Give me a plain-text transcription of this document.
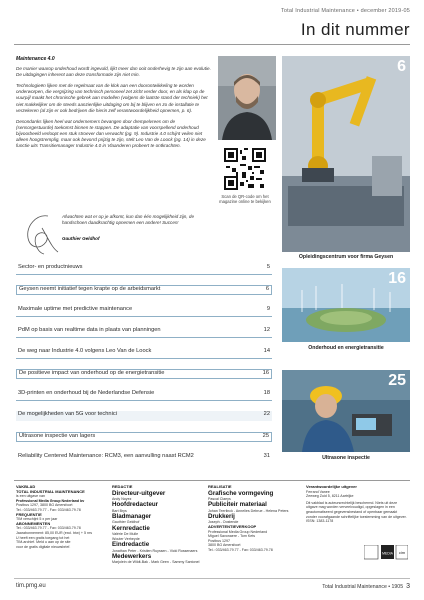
Total Industrial Maintenance • december 2019-05
In dit nummer
Maintenance 4.0

De manier waarop onderhoud wordt ingevuld, lijkt meer dan ooit onderhevig te zijn aan evolutie. De uitdagingen inherent aan deze transformatie zijn niet min.

Technologieën lijken met de regelmaat van de klok aan een doorontwikkeling te worden onderworpen, die vergrijzing van technisch personeel zet zicht verder door, en als klap op de vuurpijl maakt het chronische gebrek aan modellen (volgens de laatste stand der techniek) het niet makkelijker om de steeds aanzienlijke uitdaging om bij te blijven en zo de installatie te verzekeren (al zijn er ook bedrijven die hierin zelf verantwoordelijkheid opnemen, p. 6).

Desondanks lijken heel wat ondernemers bevangen door drempelvrees om de (sensorgestuurde) toekomst binnen te stappen. De adaptatie van voorspellend onderhoud bijvoorbeeld verloopt een stuk stroever dan verwacht (pg. 9). Industrie 4.0 schijnt veilen niet alleen hoogstremplig, maar ook bevorrd prijzig te zijn, stelt Leo Van de Loock (pg. 14) in deze functie uits Transitiemanager Industrie 4.0 in Vlaanderen probeert te ontkrachten.

Afwachten wat er op je afkomt, kun dan één mogelijkheid zijn, de handschoen daadkrachtig opnemen een andere! Succes!
Gauthier Geldhof
Scan de QR-code om het magazine online te bekijken
6
Opleidingscentrum voor firma Geysen
16
Onderhoud en energietransitie
25
Ultrasone inspectie
Sector- en productnieuws	5
Geysen neemt initiatief tegen krapte op de arbeidsmarkt	6
Maximale uptime met predictive maintenance	9
PdM op basis van realtime data in plaats van planningen	12
De weg naar Industrie 4.0 volgens Leo Van de Loock	14
De positieve impact van onderhoud op de energietransitie	16
3D-printen en onderhoud bij de Nederlandse Defensie	18
De mogelijkheden van 5G voor technici	22
Ultrasone inspectie van lagers	25
Reliability Centered Maintenance: RCM3, een aanvulling naast RCM2	31
VAKBLAD
TOTAL INDUSTRIAL MAINTENANCE
is een uitgave van
Professional Media Group Nederland bv
Postbus 1297, 3800 BG Amersfoort
Tel.: 033/463.79.77 - Fax: 033/463.79.78
FREQUENTIE
TIM verschijnt 5 x per jaar
ABONNEMENTEN
Tel.: 033/463.79.77 - Fax: 033/463.79.78
Jaarabonnement: 85,00 EUR (excl. btw) + 5 nrs
U heeft een gratis toegang tot het
TIM-archief. Meld u aan op de site
voor de gratis digitale nieuwsbrief.
REDACTIE
Directeur-uitgever
Andy Noyez
Hoofdredacteur
Bart Brys
Bladmanager
Gauthier Geldhof
Kernredactie
Valérie De Mulle
Wouter Verheyde
Eindredactie
Jonathan Peter - Kristien Ruyssen - Vicki Rossenaers
Medewerkers
Marjolein de Wildt-Bak - Mark Geen - Sammy Santonel
REALISATIE
Grafische vormgeving
Pascal Claeys
Publiciteir materiaal
Johan Teerlinck - Annelies Debrue - Helena Peters
Drukkerij
Joseph - Oostende
ADVERTENTIEVERKOOP
Professional Media Group Nederland
Miguel Savonaere - Tom Kets
Postbus 1297
3800 BG Amersfoort
Tel.: 033/463.79.77 - Fax: 033/463.79.78
Verantwoordelijke uitgever
Ferrand Vanee
Zeeweg Zuid 5, 8211 Aartrijke
Dit vakblad is auteursrechtelijk beschermd. Niets uit deze uitgave mag worden verveelvoudigd, opgeslagen in een geautomatiseerd gegevensbestand of openbaar gemaakt zonder voorafgaande schriftelijke toestemming van de uitgever.
ISSN: 1383-1178
MEDIA cim
tim.pmg.eu	Total Industrial Maintenance • 1905 3
